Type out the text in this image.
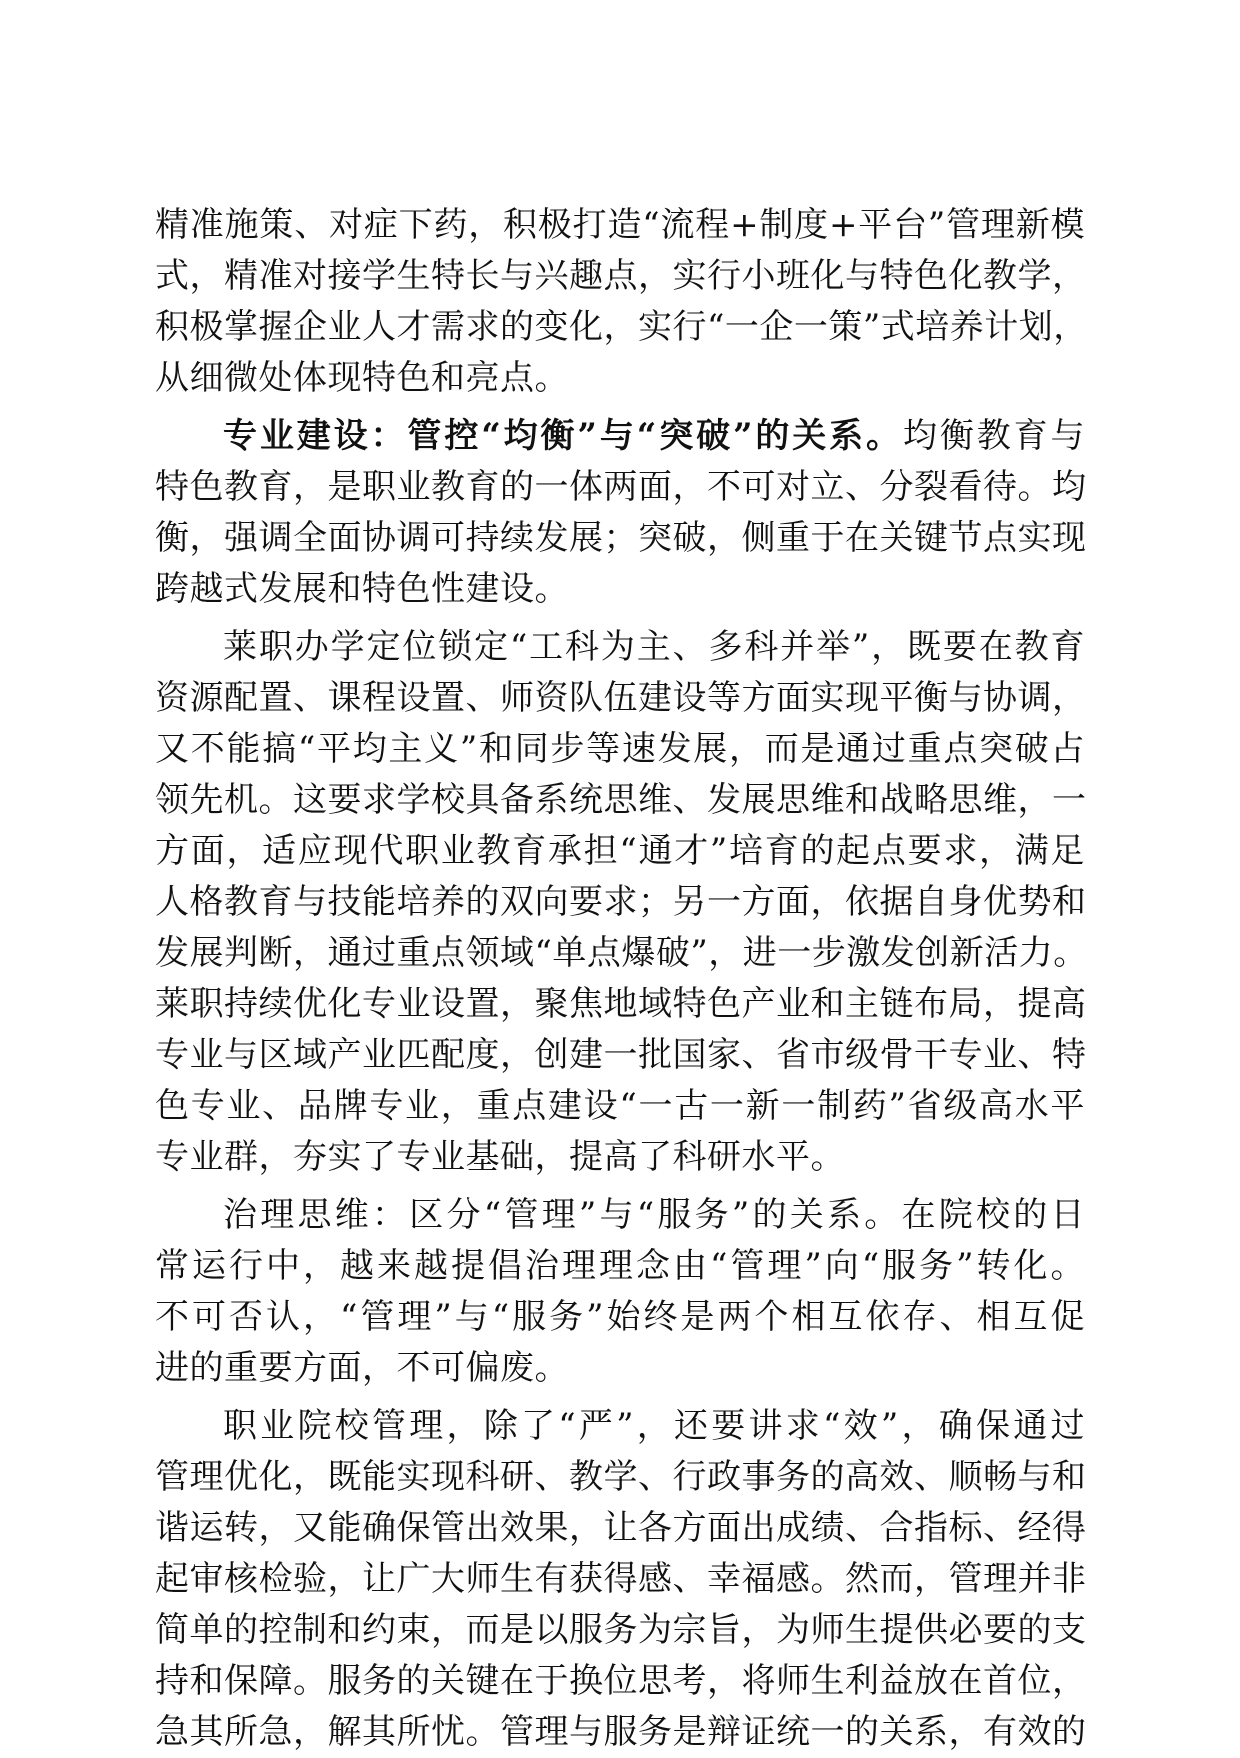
精准施策、对症下药，积极打造“流程+制度+平台”管理新模
式，精准对接学生特长与兴趣点，实行小班化与特色化教学，
积极掌握企业人才需求的变化，实行“一企一策”式培养计划，
从细微处体现特色和亮点。
专业建设：管控“均衡”与“突破”的关系。均衡教育与
特色教育，是职业教育的一体两面，不可对立、分裂看待。均
衡，强调全面协调可持续发展；突破，侧重于在关键节点实现
跨越式发展和特色性建设。
莱职办学定位锁定“工科为主、多科并举”，既要在教育
资源配置、课程设置、师资队伍建设等方面实现平衡与协调，
又不能搞“平均主义”和同步等速发展，而是通过重点突破占
领先机。这要求学校具备系统思维、发展思维和战略思维，一
方面，适应现代职业教育承担“通才”培育的起点要求，满足
人格教育与技能培养的双向要求；另一方面，依据自身优势和
发展判断，通过重点领域“单点爆破”，进一步激发创新活力。
莱职持续优化专业设置，聚焦地域特色产业和主链布局，提高
专业与区域产业匹配度，创建一批国家、省市级骨干专业、特
色专业、品牌专业，重点建设“一古一新一制药”省级高水平
专业群，夯实了专业基础，提高了科研水平。
治理思维：区分“管理”与“服务”的关系。在院校的日
常运行中，越来越提倡治理理念由“管理”向“服务”转化。
不可否认，“管理”与“服务”始终是两个相互依存、相互促
进的重要方面，不可偏废。
职业院校管理，除了“严”，还要讲求“效”，确保通过
管理优化，既能实现科研、教学、行政事务的高效、顺畅与和
谐运转，又能确保管出效果，让各方面出成绩、合指标、经得
起审核检验，让广大师生有获得感、幸福感。然而，管理并非
简单的控制和约束，而是以服务为宗旨，为师生提供必要的支
持和保障。服务的关键在于换位思考，将师生利益放在首位，
急其所急，解其所忧。管理与服务是辩证统一的关系，有效的
